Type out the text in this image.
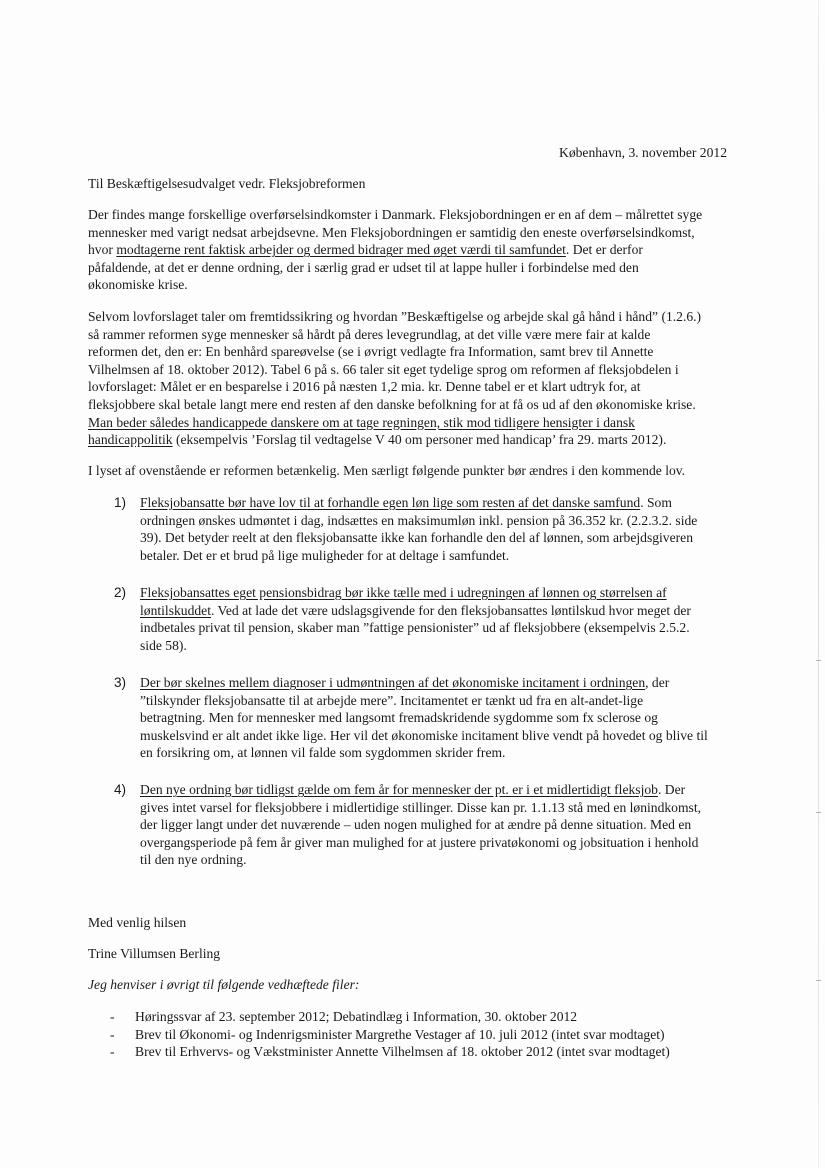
København, 3. november 2012
Til Beskæftigelsesudvalget vedr. Fleksjobreformen
Der findes mange forskellige overførselsindkomster i Danmark. Fleksjobordningen er en af dem – målrettet syge
mennesker med varigt nedsat arbejdsevne. Men Fleksjobordningen er samtidig den eneste overførselsindkomst,
hvor modtagerne rent faktisk arbejder og dermed bidrager med øget værdi til samfundet. Det er derfor
påfaldende, at det er denne ordning, der i særlig grad er udset til at lappe huller i forbindelse med den
økonomiske krise.
Selvom lovforslaget taler om fremtidssikring og hvordan ”Beskæftigelse og arbejde skal gå hånd i hånd” (1.2.6.)
så rammer reformen syge mennesker så hårdt på deres levegrundlag, at det ville være mere fair at kalde
reformen det, den er: En benhård spareøvelse (se i øvrigt vedlagte fra Information, samt brev til Annette
Vilhelmsen af 18. oktober 2012). Tabel 6 på s. 66 taler sit eget tydelige sprog om reformen af fleksjobdelen i
lovforslaget: Målet er en besparelse i 2016 på næsten 1,2 mia. kr. Denne tabel er et klart udtryk for, at
fleksjobbere skal betale langt mere end resten af den danske befolkning for at få os ud af den økonomiske krise.
Man beder således handicappede danskere om at tage regningen, stik mod tidligere hensigter i dansk
handicappolitik (eksempelvis ’Forslag til vedtagelse V 40 om personer med handicap’ fra 29. marts 2012).
I lyset af ovenstående er reformen betænkelig. Men særligt følgende punkter bør ændres i den kommende lov.
1) Fleksjobansatte bør have lov til at forhandle egen løn lige som resten af det danske samfund. Som
ordningen ønskes udmøntet i dag, indsættes en maksimumløn inkl. pension på 36.352 kr. (2.2.3.2. side
39). Det betyder reelt at den fleksjobansatte ikke kan forhandle den del af lønnen, som arbejdsgiveren
betaler. Det er et brud på lige muligheder for at deltage i samfundet.
2) Fleksjobansattes eget pensionsbidrag bør ikke tælle med i udregningen af lønnen og størrelsen af
løntilskuddet. Ved at lade det være udslagsgivende for den fleksjobansattes løntilskud hvor meget der
indbetales privat til pension, skaber man ”fattige pensionister” ud af fleksjobbere (eksempelvis 2.5.2.
side 58).
3) Der bør skelnes mellem diagnoser i udmøntningen af det økonomiske incitament i ordningen, der
”tilskynder fleksjobansatte til at arbejde mere”. Incitamentet er tænkt ud fra en alt-andet-lige
betragtning. Men for mennesker med langsomt fremadskridende sygdomme som fx sclerose og
muskelsvind er alt andet ikke lige. Her vil det økonomiske incitament blive vendt på hovedet og blive til
en forsikring om, at lønnen vil falde som sygdommen skrider frem.
4) Den nye ordning bør tidligst gælde om fem år for mennesker der pt. er i et midlertidigt fleksjob. Der
gives intet varsel for fleksjobbere i midlertidige stillinger. Disse kan pr. 1.1.13 stå med en lønindkomst,
der ligger langt under det nuværende – uden nogen mulighed for at ændre på denne situation. Med en
overgangsperiode på fem år giver man mulighed for at justere privatøkonomi og jobsituation i henhold
til den nye ordning.
Med venlig hilsen
Trine Villumsen Berling
Jeg henviser i øvrigt til følgende vedhæftede filer:
- Høringssvar af 23. september 2012; Debatindlæg i Information, 30. oktober 2012
- Brev til Økonomi- og Indenrigsminister Margrethe Vestager af 10. juli 2012 (intet svar modtaget)
- Brev til Erhvervs- og Vækstminister Annette Vilhelmsen af 18. oktober 2012 (intet svar modtaget)
